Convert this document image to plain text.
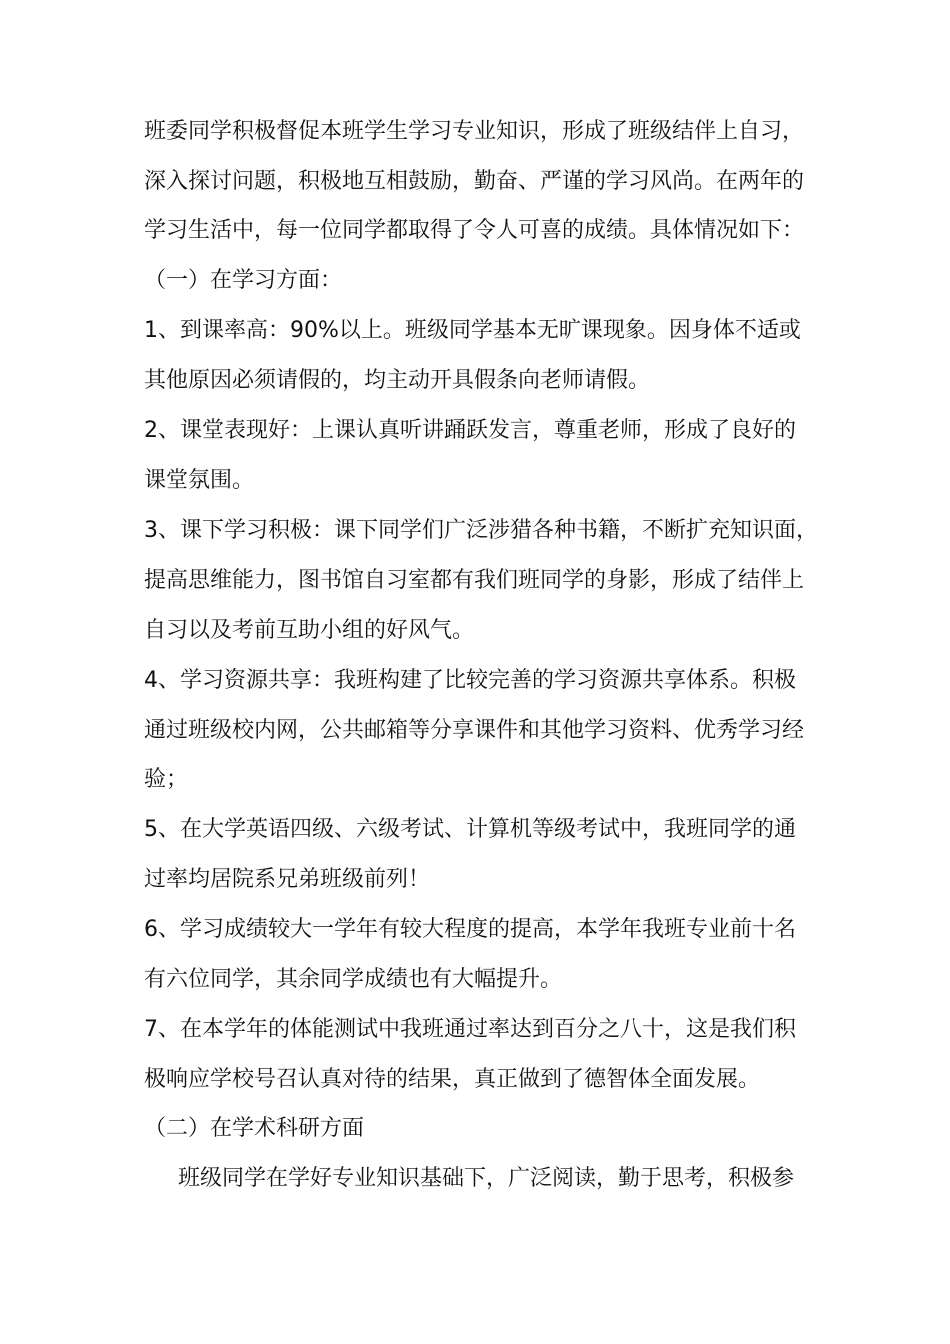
班委同学积极督促本班学生学习专业知识，形成了班级结伴上自习，
深入探讨问题，积极地互相鼓励，勤奋、严谨的学习风尚。在两年的
学习生活中，每一位同学都取得了令人可喜的成绩。具体情况如下：
（一）在学习方面：
1、到课率高：90%以上。班级同学基本无旷课现象。因身体不适或
其他原因必须请假的，均主动开具假条向老师请假。
2、课堂表现好：上课认真听讲踊跃发言，尊重老师，形成了良好的
课堂氛围。
3、课下学习积极：课下同学们广泛涉猎各种书籍，不断扩充知识面，
提高思维能力，图书馆自习室都有我们班同学的身影，形成了结伴上
自习以及考前互助小组的好风气。
4、学习资源共享：我班构建了比较完善的学习资源共享体系。积极
通过班级校内网，公共邮箱等分享课件和其他学习资料、优秀学习经
验；
5、在大学英语四级、六级考试、计算机等级考试中，我班同学的通
过率均居院系兄弟班级前列！
6、学习成绩较大一学年有较大程度的提高，本学年我班专业前十名
有六位同学，其余同学成绩也有大幅提升。
7、在本学年的体能测试中我班通过率达到百分之八十，这是我们积
极响应学校号召认真对待的结果，真正做到了德智体全面发展。
（二）在学术科研方面
班级同学在学好专业知识基础下，广泛阅读，勤于思考，积极参
